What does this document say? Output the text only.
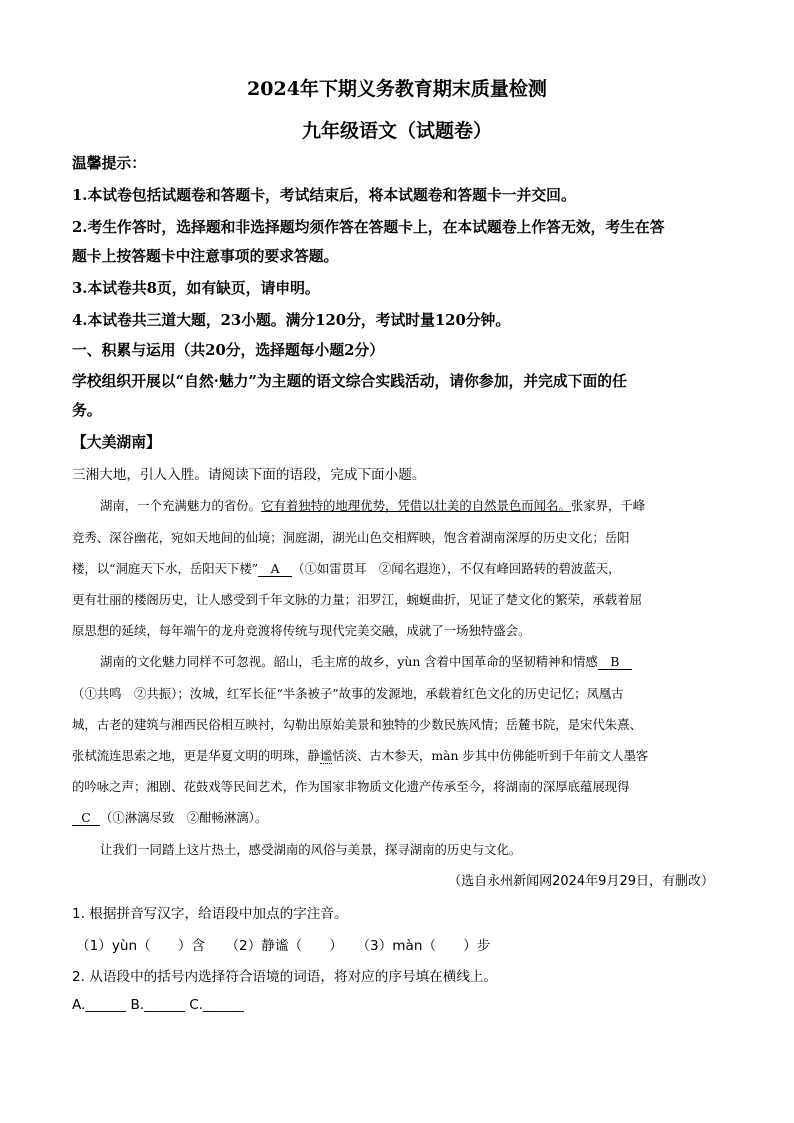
2024年下期义务教育期末质量检测
九年级语文（试题卷）
温馨提示：
1.本试卷包括试题卷和答题卡，考试结束后，将本试题卷和答题卡一并交回。
2.考生作答时，选择题和非选择题均须作答在答题卡上，在本试题卷上作答无效，考生在答
题卡上按答题卡中注意事项的要求答题。
3.本试卷共8页，如有缺页，请申明。
4.本试卷共三道大题，23小题。满分120分，考试时量120分钟。
一、积累与运用（共20分，选择题每小题2分）
学校组织开展以“自然·魅力”为主题的语文综合实践活动，请你参加，并完成下面的任
务。
【大美湖南】
三湘大地，引人入胜。请阅读下面的语段，完成下面小题。
湖南，一个充满魅力的省份。它有着独特的地理优势，凭借以壮美的自然景色而闻名。张家界，千峰
竞秀、深谷幽花，宛如天地间的仙境；洞庭湖，湖光山色交相辉映，饱含着湖南深厚的历史文化；岳阳
楼，以“洞庭天下水，岳阳天下楼” A （①如雷贯耳　②闻名遐迩），不仅有峰回路转的碧波蓝天，
更有壮丽的楼阁历史，让人感受到千年文脉的力量；汨罗江，蜿蜒曲折，见证了楚文化的繁荣，承载着屈
原思想的延续，每年端午的龙舟竞渡将传统与现代完美交融，成就了一场独特盛会。
湖南的文化魅力同样不可忽视。韶山，毛主席的故乡，yùn 含着中国革命的坚韧精神和情感 B
（①共鸣　②共振）；汝城，红军长征“半条被子”故事的发源地，承载着红色文化的历史记忆；凤凰古
城，古老的建筑与湘西民俗相互映衬，勾勒出原始美景和独特的少数民族风情；岳麓书院，是宋代朱熹、
张栻流连思索之地，更是华夏文明的明珠，静谧恬淡、古木参天，màn 步其中仿佛能听到千年前文人墨客
的吟咏之声；湘剧、花鼓戏等民间艺术，作为国家非物质文化遗产传承至今，将湖南的深厚底蕴展现得
C （①淋漓尽致　②酣畅淋漓）。
让我们一同踏上这片热土，感受湖南的风俗与美景，探寻湖南的历史与文化。
（选自永州新闻网2024年9月29日，有删改）
1. 根据拼音写汉字，给语段中加点的字注音。
（1）yùn（　　）含　　（2）静谧（　　）　　（3）màn（　　）步
2. 从语段中的括号内选择符合语境的词语，将对应的序号填在横线上。
A.______ B.______ C.______
